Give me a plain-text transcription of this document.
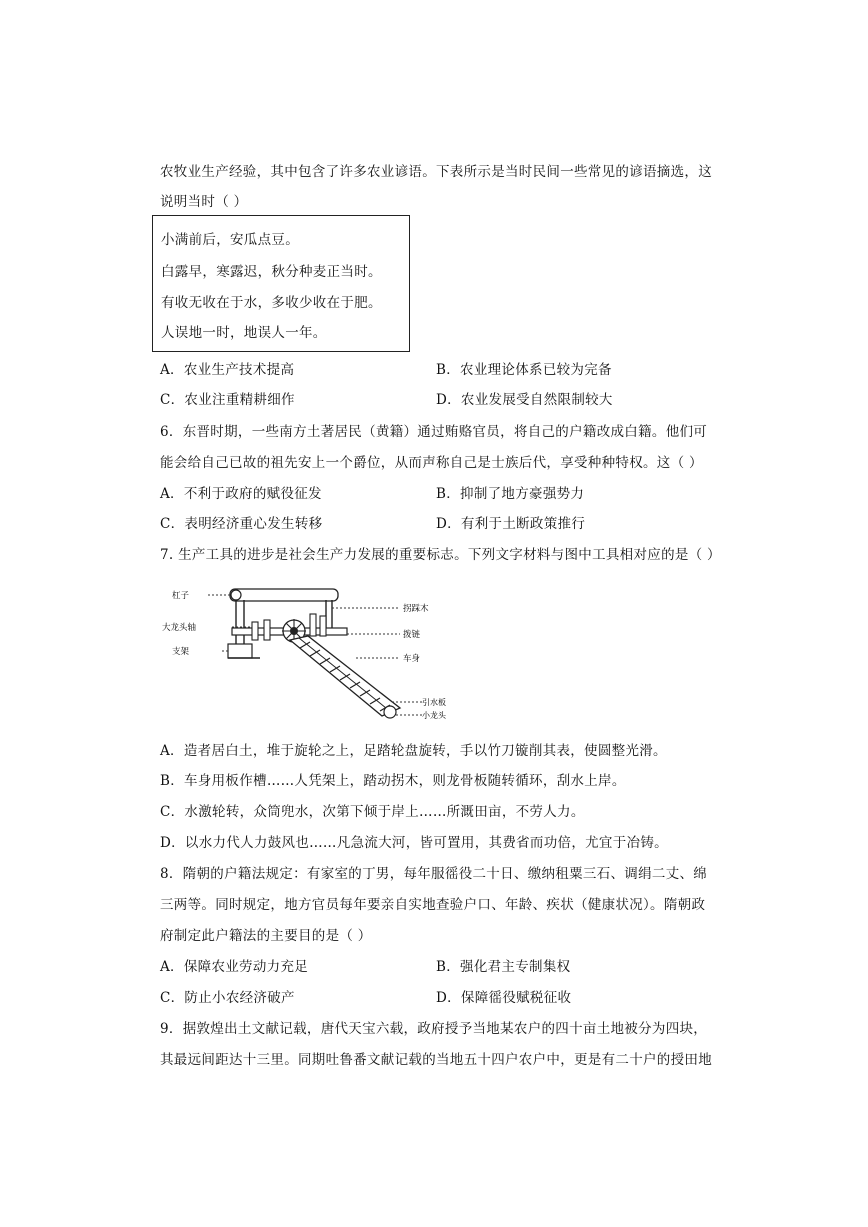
农牧业生产经验，其中包含了许多农业谚语。下表所示是当时民间一些常见的谚语摘选，这
说明当时（ ）
小满前后，安瓜点豆。
白露早，寒露迟，秋分种麦正当时。
有收无收在于水，多收少收在于肥。
人误地一时，地误人一年。
A．农业生产技术提高	B．农业理论体系已较为完备
C．农业注重精耕细作	D．农业发展受自然限制较大
6．东晋时期，一些南方土著居民（黄籍）通过贿赂官员，将自己的户籍改成白籍。他们可
能会给自己已故的祖先安上一个爵位，从而声称自己是士族后代，享受种种特权。这（ ）
A．不利于政府的赋役征发	B．抑制了地方豪强势力
C．表明经济重心发生转移	D．有利于土断政策推行
7. 生产工具的进步是社会生产力发展的重要标志。下列文字材料与图中工具相对应的是（ ）
杠子
大龙头轴
支架
拐踩木
拨链
车身
引水板
小龙头
A．造者居白土，堆于旋轮之上，足踏轮盘旋转，手以竹刀镟削其表，使圆整光滑。
B．车身用板作槽……人凭架上，踏动拐木，则龙骨板随转循环，刮水上岸。
C．水激轮转，众筒兜水，次第下倾于岸上……所溉田亩，不劳人力。
D．以水力代人力鼓风也……凡急流大河，皆可置用，其费省而功倍，尤宜于冶铸。
8．隋朝的户籍法规定：有家室的丁男，每年服徭役二十日、缴纳租粟三石、调绢二丈、绵
三两等。同时规定，地方官员每年要亲自实地查验户口、年龄、疾状（健康状况）。隋朝政
府制定此户籍法的主要目的是（ ）
A．保障农业劳动力充足	B．强化君主专制集权
C．防止小农经济破产	D．保障徭役赋税征收
9．据敦煌出土文献记载，唐代天宝六载，政府授予当地某农户的四十亩土地被分为四块，
其最远间距达十三里。同期吐鲁番文献记载的当地五十四户农户中，更是有二十户的授田地
